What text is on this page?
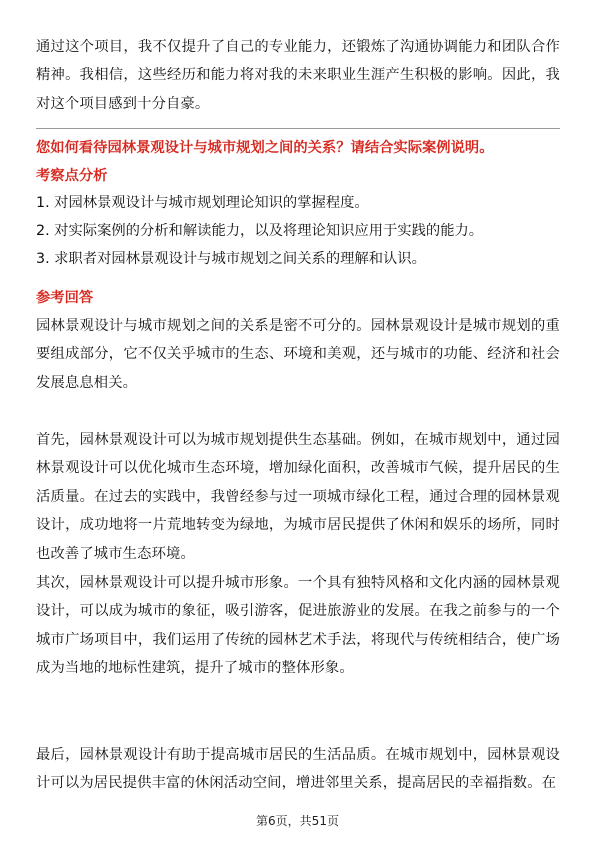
通过这个项目，我不仅提升了自己的专业能力，还锻炼了沟通协调能力和团队合作精神。我相信，这些经历和能力将对我的未来职业生涯产生积极的影响。因此，我对这个项目感到十分自豪。

您如何看待园林景观设计与城市规划之间的关系？请结合实际案例说明。

考察点分析

1. 对园林景观设计与城市规划理论知识的掌握程度。
2. 对实际案例的分析和解读能力，以及将理论知识应用于实践的能力。
3. 求职者对园林景观设计与城市规划之间关系的理解和认识。

参考回答

园林景观设计与城市规划之间的关系是密不可分的。园林景观设计是城市规划的重要组成部分，它不仅关乎城市的生态、环境和美观，还与城市的功能、经济和社会发展息息相关。

首先，园林景观设计可以为城市规划提供生态基础。例如，在城市规划中，通过园林景观设计可以优化城市生态环境，增加绿化面积，改善城市气候，提升居民的生活质量。在过去的实践中，我曾经参与过一项城市绿化工程，通过合理的园林景观设计，成功地将一片荒地转变为绿地，为城市居民提供了休闲和娱乐的场所，同时也改善了城市生态环境。

其次，园林景观设计可以提升城市形象。一个具有独特风格和文化内涵的园林景观设计，可以成为城市的象征，吸引游客，促进旅游业的发展。在我之前参与的一个城市广场项目中，我们运用了传统的园林艺术手法，将现代与传统相结合，使广场成为当地的地标性建筑，提升了城市的整体形象。

最后，园林景观设计有助于提高城市居民的生活品质。在城市规划中，园林景观设计可以为居民提供丰富的休闲活动空间，增进邻里关系，提高居民的幸福指数。在

第6页，共51页
